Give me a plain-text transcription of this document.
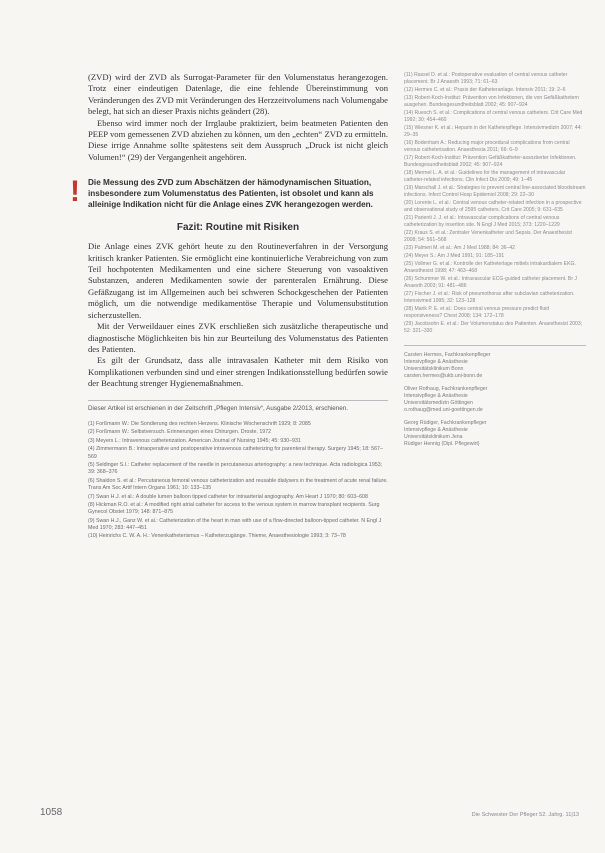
(ZVD) wird der ZVD als Surrogat-Parameter für den Volumenstatus herangezogen. Trotz einer eindeutigen Datenlage, die eine fehlende Übereinstimmung von Veränderungen des ZVD mit Veränderungen des Herzzeitvolumens nach Volumengabe belegt, hat sich an dieser Praxis nichts geändert (28).

Ebenso wird immer noch der Irrglaube praktiziert, beim beatmeten Patienten den PEEP vom gemessenen ZVD abziehen zu können, um den „echten“ ZVD zu ermitteln. Diese irrige Annahme sollte spätestens seit dem Ausspruch „Druck ist nicht gleich Volumen!“ (29) der Vergangenheit angehören.

! Die Messung des ZVD zum Abschätzen der hämodynamischen Situation, insbesondere zum Volumenstatus des Patienten, ist obsolet und kann als alleinige Indikation nicht für die Anlage eines ZVK herangezogen werden.

Fazit: Routine mit Risiken

Die Anlage eines ZVK gehört heute zu den Routineverfahren in der Versorgung kritisch kranker Patienten. Sie ermöglicht eine kontinuierliche Verabreichung von zum Teil hochpotenten Medikamenten und eine sichere Steuerung von vasoaktiven Substanzen, anderen Medikamenten sowie der parenteralen Ernährung. Diese Gefäßzugang ist im Allgemeinen auch bei schweren Schockgeschehen der Patienten möglich, um die notwendige medikamentöse Therapie und Volumensubstitution sicherzustellen.

Mit der Verweildauer eines ZVK erschließen sich zusätzliche therapeutische und diagnostische Möglichkeiten bis hin zur Beurteilung des Volumenstatus des Patienten des Patienten.

Es gilt der Grundsatz, dass alle intravasalen Katheter mit dem Risiko von Komplikationen verbunden sind und einer strengen Indikationsstellung bedürfen sowie der Beachtung strenger Hygienemaßnahmen.

Dieser Artikel ist erschienen in der Zeitschrift „Pflegen Intensiv“, Ausgabe 2/2013, erschienen.
(1) Forßmann W.: Die Sondierung des rechten Herzens. Klinische Wochenschrift 1929; 8: 2085
(2) Forßmann W.: Selbstversuch. Erinnerungen eines Chirurgen. Droste, 1972
(3) Meyers L.: Intravenous catheterization. American Journal of Nursing 1945; 45: 930–931
(4) Zimmermann B.: Intraoperative und postoperative intravenous catheterizing for parenteral therapy. Surgery 1945; 18: 567–569
(5) Seldinger S.I.: Catheter replacement of the needle in percutaneous arteriography: a new technique. Acta radiologica 1953; 39: 368–376
(6) Shaldon S. et al.: Percutaneous femoral venous catheterization and reusable dialysers in the treatment of acute renal failure. Trans Am Soc Artif Intern Organs 1961; 10: 133–135
(7) Swan H.J. et al.: A double lumen balloon tipped catheter for intraarterial angiography. Am Heart J 1970; 80: 603–608
(8) Hickman R.O. et al.: A modified right atrial catheter for access to the venous system in marrow transplant recipients. Surg Gynecol Obstet 1979; 148: 871–875
(9) Swan H.J., Ganz W. et al.: Catheterization of the heart in man with use of a flow-directed balloon-tipped catheter. N Engl J Med 1970; 283: 447–451
(10) Heinrichs C. W. A. H.: Venenkatheterismus – Katheterzugänge. Thieme, Anaesthesiologie 1993; 3: 73–78
(11) Rassel D. et al.: Postoperative evaluation of central venous catheter placement. Br J Anaesth 1993; 71: 61–63
(12) Hermes C. et al.: Praxis der Katheteranlage. Intensiv 2011; 19: 2–6
(13) Robert-Koch-Institut: Prävention von Infektionen, die von Gefäßkathetern ausgehen. Bundesgesundheitsblatt 2002; 45: 907–924
(14) Ruesch S. et al.: Complications of central venous catheters. Crit Care Med 1992; 30: 454–460
(15) Wiesner K. et al.: Heparin in der Katheterpflege. Intensivmedizin 2007; 44: 29–35
(16) Bodenham A.: Reducing major procedural complications from central venous catheterisation. Anaesthesia 2011; 66: 6–9
(17) Robert-Koch-Institut: Prävention Gefäßkatheter-assoziierter Infektionen. Bundesgesundheitsblatt 2002; 45: 907–924
(18) Mermel L. A. et al.: Guidelines for the management of intravascular catheter-related infections. Clin Infect Dis 2009; 49: 1–45
(19) Marschall J. et al.: Strategies to prevent central line-associated bloodstream infections. Infect Control Hosp Epidemiol 2008; 29: 22–30
(20) Lorente L. et al.: Central venous catheter-related infection in a prospective and observational study of 2595 catheters. Crit Care 2005; 9: 631–635
(21) Parienti J. J. et al.: Intravascular complications of central venous catheterization by insertion site. N Engl J Med 2015; 373: 1220–1229
(22) Kraus S. et al.: Zentraler Venenkatheter und Sepsis. Der Anaesthesist 2008; 54: 561–568
(23) Palmeri M. et al.: Am J Med 1988; 84: 36–42
(24) Meyer S.: Am J Med 1991; 91: 185–191
(25) Vollmer G. et al.: Kontrolle der Katheterlage mittels intrakardialem EKG. Anaesthesist 1998; 47: 463–468
(26) Schummer W. et al.: Intravascular ECG-guided catheter placement. Br J Anaesth 2003; 91: 481–486
(27) Fischer J. et al.: Risk of pneumothorax after subclavian catheterization. Intensivmed 1995; 32: 123–128
(28) Marik P. E. et al.: Does central venous pressure predict fluid responsiveness? Chest 2008; 134: 172–178
(29) Jacobsohn E. et al.: Der Volumenstatus des Patienten. Anaesthesist 2003; 52: 321–330
Carsten Hermes, Fachkrankenpfleger
Intensivpflege & Anästhesie
Universitätsklinikum Bonn
carsten.hermes@ukb.uni-bonn.de
Oliver Rothaug, Fachkrankenpfleger
Intensivpflege & Anästhesie
Universitätsmedizin Göttingen
o.rothaug@med.uni-goettingen.de
Georg Rüdiger, Fachkrankenpfleger
Intensivpflege & Anästhesie
Universitätsklinikum Jena
Rüdiger Hennig (Dipl. Pflegewirt)
1058	Die Schwester Der Pfleger 52. Jahrg. 11|13
